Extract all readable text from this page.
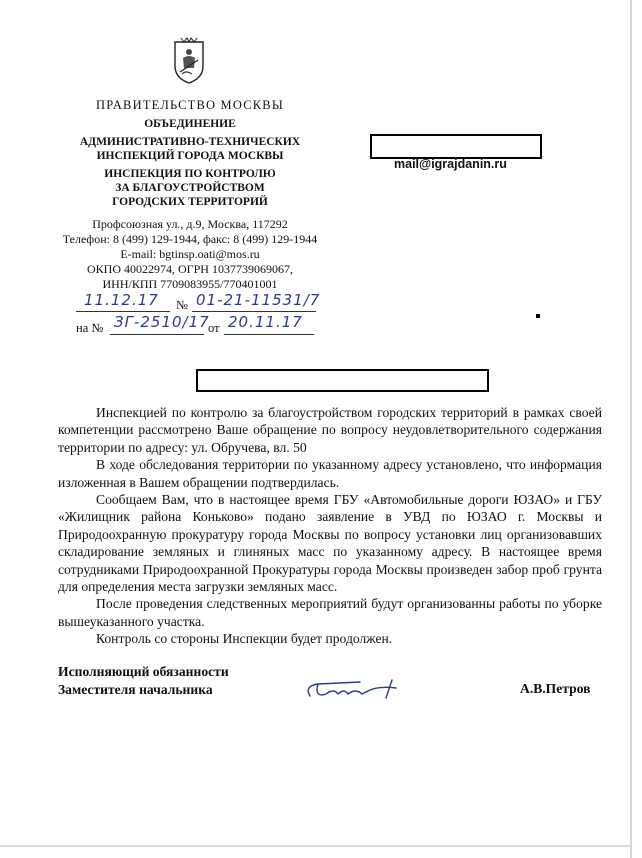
ПРАВИТЕЛЬСТВО МОСКВЫ
ОБЪЕДИНЕНИЕ
АДМИНИСТРАТИВНО-ТЕХНИЧЕСКИХ
ИНСПЕКЦИЙ ГОРОДА МОСКВЫ
ИНСПЕКЦИЯ ПО КОНТРОЛЮ
ЗА БЛАГОУСТРОЙСТВОМ
ГОРОДСКИХ ТЕРРИТОРИЙ
Профсоюзная ул., д.9, Москва, 117292
Телефон: 8 (499) 129-1944, факс: 8 (499) 129-1944
E-mail: bgtinsp.oati@mos.ru
ОКПО 40022974, ОГРН 1037739069067,
ИНН/КПП 7709083955/770401001
mail@igrajdanin.ru
11.12.17 № 01-21-11531/7
на № ЗГ-2510/17
от 20.11.17

Инспекцией по контролю за благоустройством городских территорий в рамках своей компетенции рассмотрено Ваше обращение по вопросу неудовлетворительного содержания территории по адресу: ул. Обручева, вл. 50

В ходе обследования территории по указанному адресу установлено, что информация изложенная в Вашем обращении подтвердилась.

Сообщаем Вам, что в настоящее время ГБУ «Автомобильные дороги ЮЗАО» и ГБУ «Жилищник района Коньково» подано заявление в УВД по ЮЗАО г. Москвы и Природоохранную прокуратуру города Москвы по вопросу установки лиц организовавших складирование земляных и глиняных масс по указанному адресу. В настоящее время сотрудниками Природоохранной Прокуратуры города Москвы произведен забор проб грунта для определения места загрузки земляных масс.

После проведения следственных мероприятий будут организованны работы по уборке вышеуказанного участка.

Контроль со стороны Инспекции будет продолжен.

Исполняющий обязанности
Заместителя начальника	А.В.Петров
